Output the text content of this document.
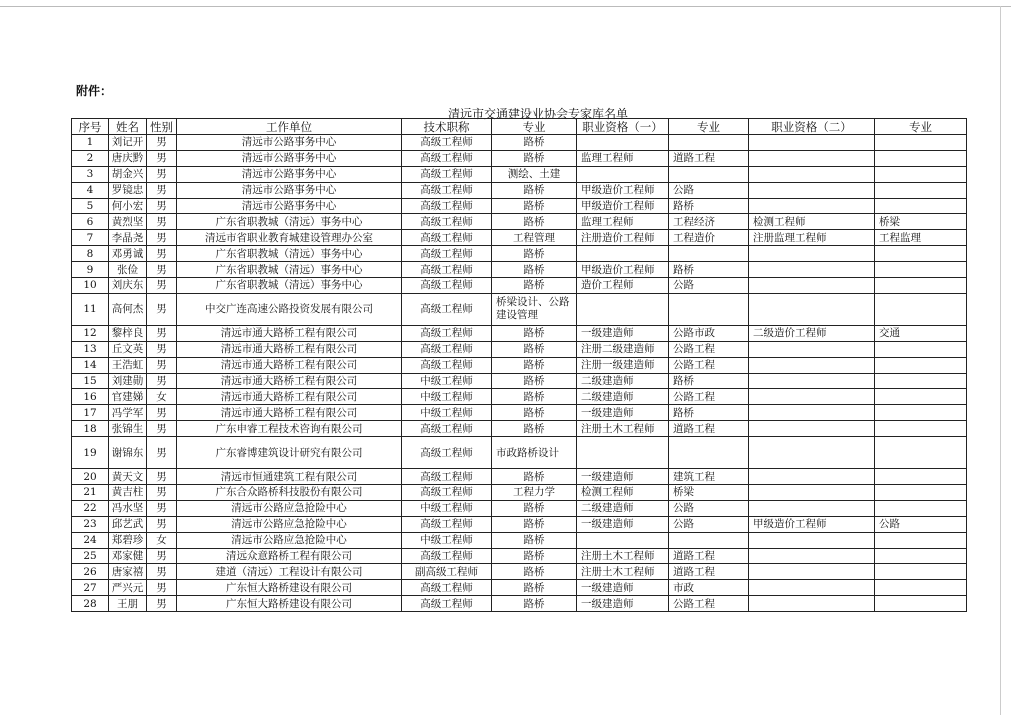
附件：
清远市交通建设业协会专家库名单
序号	姓名	性别	工作单位	技术职称	专业	职业资格（一）	专业	职业资格（二）	专业
1	刘记开	男	清远市公路事务中心	高级工程师	路桥				
2	唐庆黔	男	清远市公路事务中心	高级工程师	路桥	监理工程师	道路工程		
3	胡金兴	男	清远市公路事务中心	高级工程师	测绘、土建				
4	罗镜忠	男	清远市公路事务中心	高级工程师	路桥	甲级造价工程师	公路		
5	何小宏	男	清远市公路事务中心	高级工程师	路桥	甲级造价工程师	路桥		
6	黄烈坚	男	广东省职教城（清远）事务中心	高级工程师	路桥	监理工程师	工程经济	检测工程师	桥梁
7	李晶尧	男	清远市省职业教育城建设管理办公室	高级工程师	工程管理	注册造价工程师	工程造价	注册监理工程师	工程监理
8	邓勇诚	男	广东省职教城（清远）事务中心	高级工程师	路桥				
9	张俭	男	广东省职教城（清远）事务中心	高级工程师	路桥	甲级造价工程师	路桥		
10	刘庆东	男	广东省职教城（清远）事务中心	高级工程师	路桥	造价工程师	公路		
11	高何杰	男	中交广连高速公路投资发展有限公司	高级工程师	桥梁设计、公路建设管理				
12	黎梓良	男	清远市通大路桥工程有限公司	高级工程师	路桥	一级建造师	公路市政	二级造价工程师	交通
13	丘文英	男	清远市通大路桥工程有限公司	高级工程师	路桥	注册二级建造师	公路工程		
14	王浩虹	男	清远市通大路桥工程有限公司	高级工程师	路桥	注册一级建造师	公路工程		
15	刘建勋	男	清远市通大路桥工程有限公司	中级工程师	路桥	二级建造师	路桥		
16	官建娣	女	清远市通大路桥工程有限公司	中级工程师	路桥	二级建造师	公路工程		
17	冯学军	男	清远市通大路桥工程有限公司	中级工程师	路桥	一级建造师	路桥		
18	张锦生	男	广东申睿工程技术咨询有限公司	高级工程师	路桥	注册土木工程师	道路工程		
19	谢锦东	男	广东睿博建筑设计研究有限公司	高级工程师	市政路桥设计				
20	黄天文	男	清远市恒通建筑工程有限公司	高级工程师	路桥	一级建造师	建筑工程		
21	黄吉柱	男	广东合众路桥科技股份有限公司	高级工程师	工程力学	检测工程师	桥梁		
22	冯水坚	男	清远市公路应急抢险中心	中级工程师	路桥	二级建造师	公路		
23	邱艺武	男	清远市公路应急抢险中心	高级工程师	路桥	一级建造师	公路	甲级造价工程师	公路
24	郑碧珍	女	清远市公路应急抢险中心	中级工程师	路桥				
25	邓家健	男	清远众意路桥工程有限公司	高级工程师	路桥	注册土木工程师	道路工程		
26	唐家禧	男	建道（清远）工程设计有限公司	副高级工程师	路桥	注册土木工程师	道路工程		
27	严兴元	男	广东恒大路桥建设有限公司	高级工程师	路桥	一级建造师	市政		
28	王朋	男	广东恒大路桥建设有限公司	高级工程师	路桥	一级建造师	公路工程		
